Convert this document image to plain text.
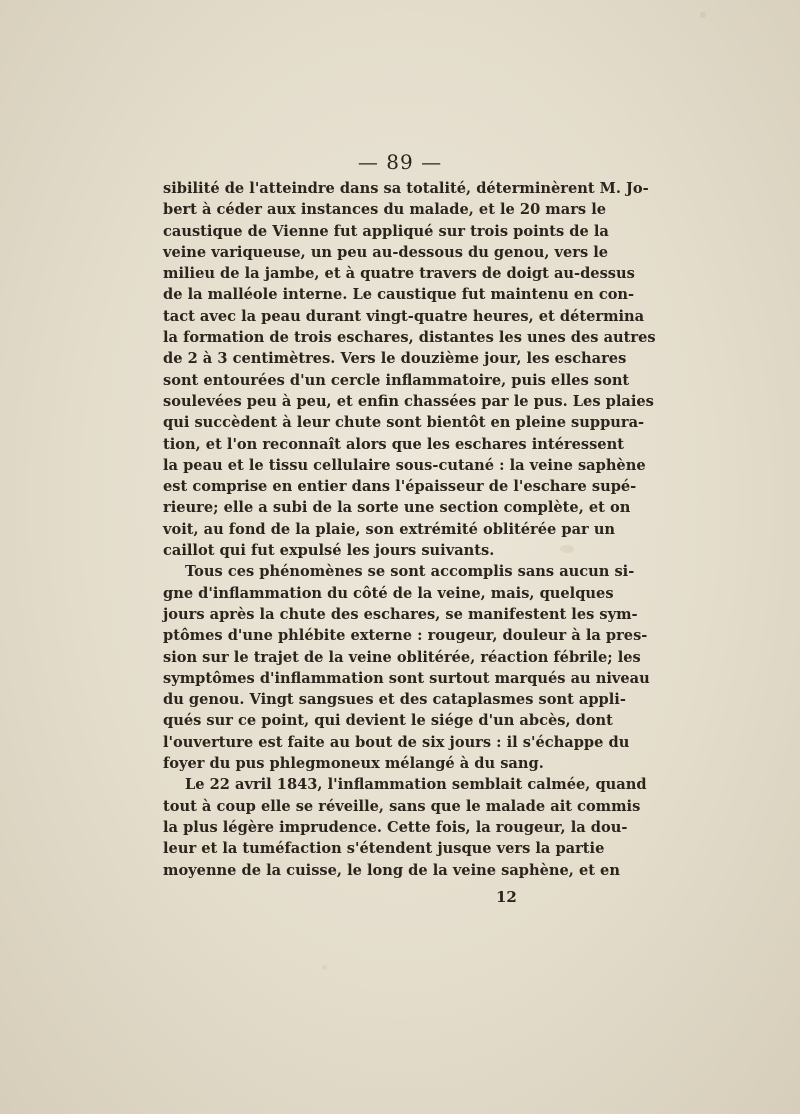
— 89 —
sibilité de l'atteindre dans sa totalité, déterminèrent M. Jo-
bert à céder aux instances du malade, et le 20 mars le
caustique de Vienne fut appliqué sur trois points de la
veine variqueuse, un peu au-dessous du genou, vers le
milieu de la jambe, et à quatre travers de doigt au-dessus
de la malléole interne. Le caustique fut maintenu en con-
tact avec la peau durant vingt-quatre heures, et détermina
la formation de trois eschares, distantes les unes des autres
de 2 à 3 centimètres. Vers le douzième jour, les eschares
sont entourées d'un cercle inflammatoire, puis elles sont
soulevées peu à peu, et enfin chassées par le pus. Les plaies
qui succèdent à leur chute sont bientôt en pleine suppura-
tion, et l'on reconnaît alors que les eschares intéressent
la peau et le tissu cellulaire sous-cutané : la veine saphène
est comprise en entier dans l'épaisseur de l'eschare supé-
rieure; elle a subi de la sorte une section complète, et on
voit, au fond de la plaie, son extrémité oblitérée par un
caillot qui fut expulsé les jours suivants.
Tous ces phénomènes se sont accomplis sans aucun si-
gne d'inflammation du côté de la veine, mais, quelques
jours après la chute des eschares, se manifestent les sym-
ptômes d'une phlébite externe : rougeur, douleur à la pres-
sion sur le trajet de la veine oblitérée, réaction fébrile; les
symptômes d'inflammation sont surtout marqués au niveau
du genou. Vingt sangsues et des cataplasmes sont appli-
qués sur ce point, qui devient le siége d'un abcès, dont
l'ouverture est faite au bout de six jours : il s'échappe du
foyer du pus phlegmoneux mélangé à du sang.
Le 22 avril 1843, l'inflammation semblait calmée, quand
tout à coup elle se réveille, sans que le malade ait commis
la plus légère imprudence. Cette fois, la rougeur, la dou-
leur et la tuméfaction s'étendent jusque vers la partie
moyenne de la cuisse, le long de la veine saphène, et en
12
